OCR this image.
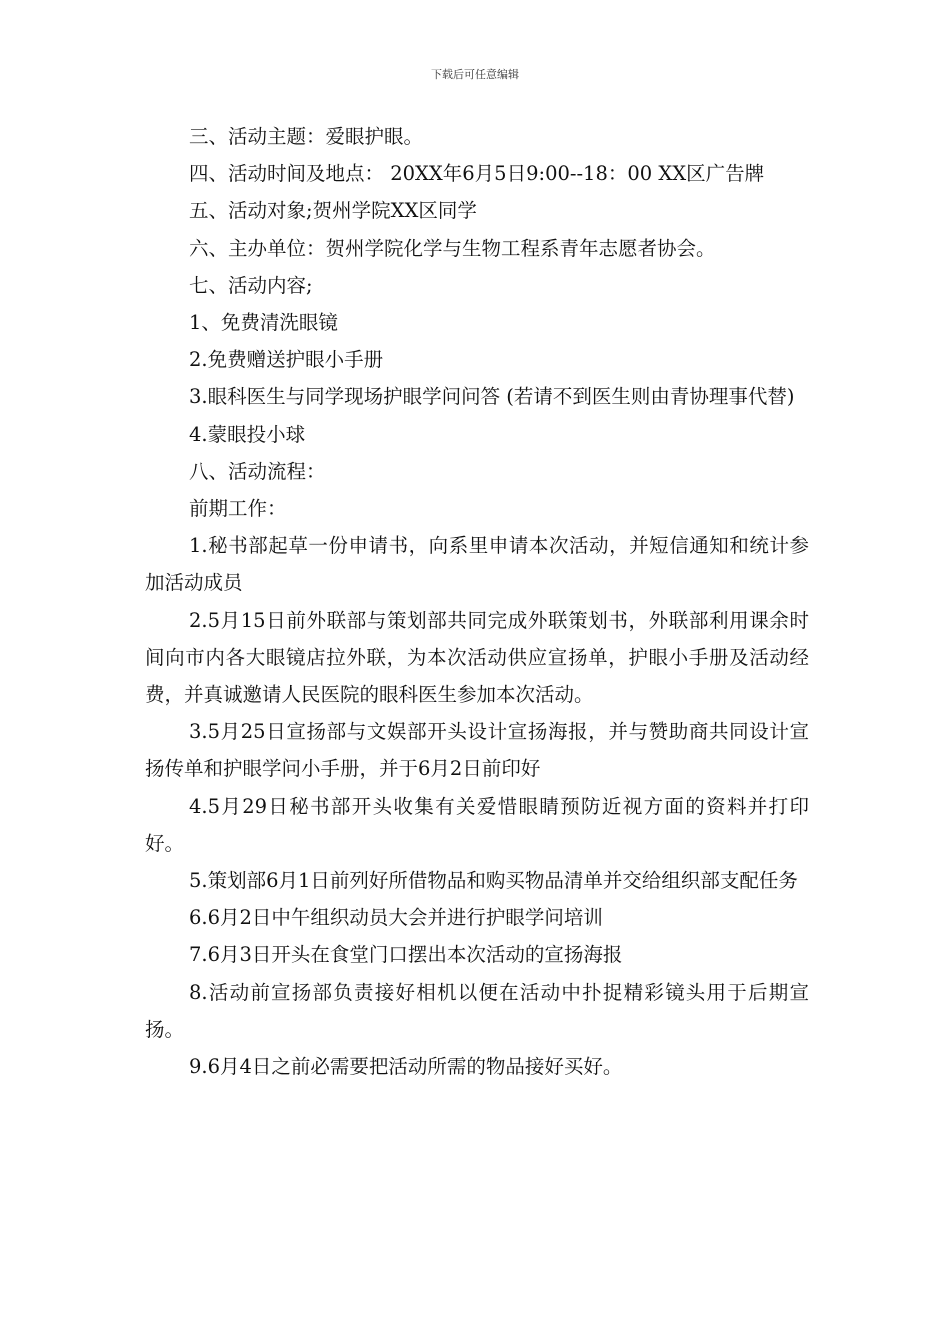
下载后可任意编辑

三、活动主题：爱眼护眼。

四、活动时间及地点： 20XX年6月5日9:00--18：00 XX区广告牌

五、活动对象;贺州学院XX区同学

六、主办单位：贺州学院化学与生物工程系青年志愿者协会。

七、活动内容;

1、免费清洗眼镜

2.免费赠送护眼小手册

3.眼科医生与同学现场护眼学问问答 (若请不到医生则由青协理事代替)

4.蒙眼投小球

八、活动流程：

前期工作：

1.秘书部起草一份申请书，向系里申请本次活动，并短信通知和统计参加活动成员

2.5月15日前外联部与策划部共同完成外联策划书，外联部利用课余时间向市内各大眼镜店拉外联，为本次活动供应宣扬单，护眼小手册及活动经费，并真诚邀请人民医院的眼科医生参加本次活动。

3.5月25日宣扬部与文娱部开头设计宣扬海报，并与赞助商共同设计宣扬传单和护眼学问小手册，并于6月2日前印好

4.5月29日秘书部开头收集有关爱惜眼睛预防近视方面的资料并打印好。

5.策划部6月1日前列好所借物品和购买物品清单并交给组织部支配任务

6.6月2日中午组织动员大会并进行护眼学问培训

7.6月3日开头在食堂门口摆出本次活动的宣扬海报

8.活动前宣扬部负责接好相机以便在活动中扑捉精彩镜头用于后期宣扬。

9.6月4日之前必需要把活动所需的物品接好买好。
